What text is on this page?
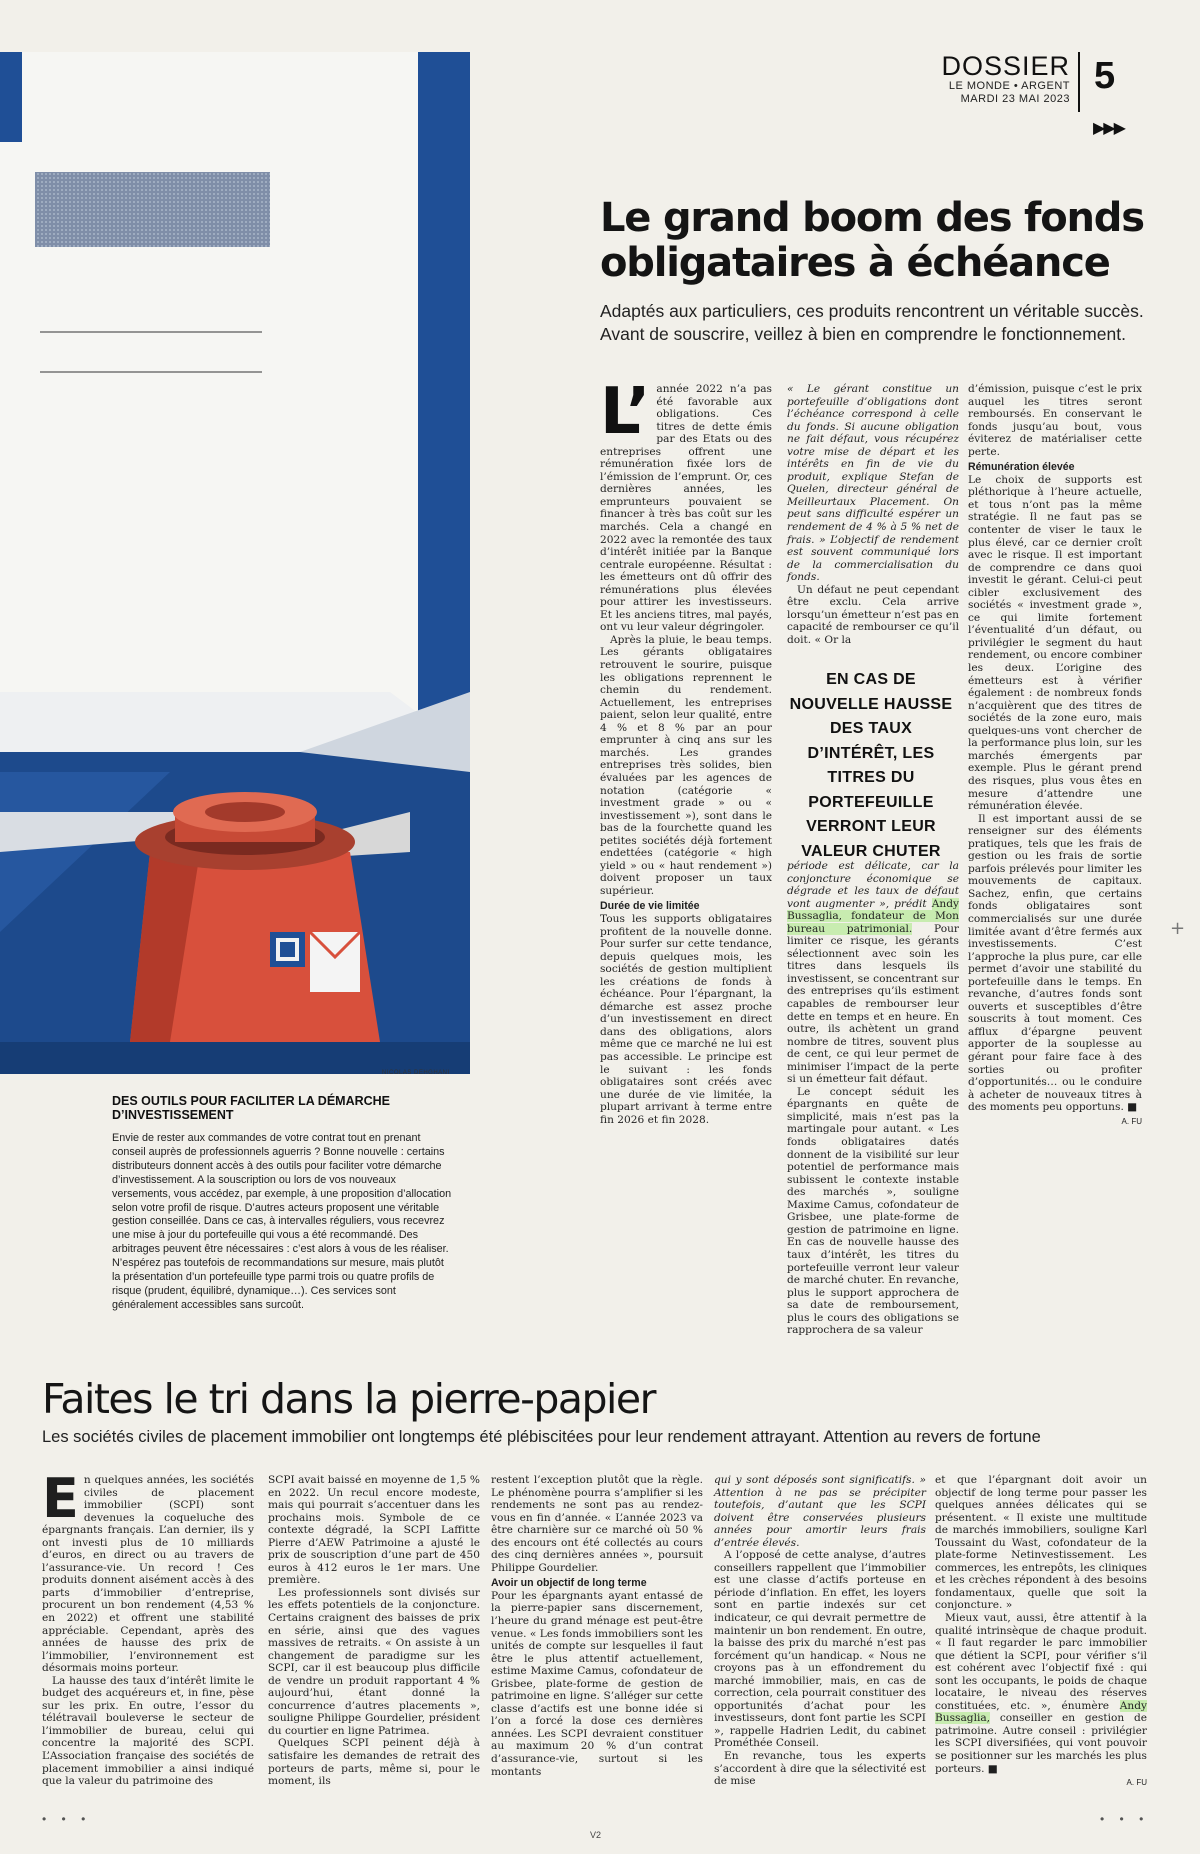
DOSSIER
LE MONDE • ARGENT
MARDI 23 MAI 2023
5
▶▶▶
NICOLAS DEHGHANI
Le grand boom des fonds obligataires à échéance
Adaptés aux particuliers, ces produits rencontrent un véritable succès. Avant de souscrire, veillez à bien en comprendre le fonctionnement.

L’ année 2022 n’a pas été favorable aux obligations. Ces titres de dette émis par des Etats ou des entreprises offrent une rémunération fixée lors de l’émission de l’emprunt. Or, ces dernières années, les emprunteurs pouvaient se financer à très bas coût sur les marchés. Cela a changé en 2022 avec la remontée des taux d’intérêt initiée par la Banque centrale européenne. Résultat : les émetteurs ont dû offrir des rémunérations plus élevées pour attirer les investisseurs. Et les anciens titres, mal payés, ont vu leur valeur dégringoler.

Après la pluie, le beau temps. Les gérants obligataires retrouvent le sourire, puisque les obligations reprennent le chemin du rendement. Actuellement, les entreprises paient, selon leur qualité, entre 4 % et 8 % par an pour emprunter à cinq ans sur les marchés. Les grandes entreprises très solides, bien évaluées par les agences de notation (catégorie « investment grade » ou « investissement »), sont dans le bas de la fourchette quand les petites sociétés déjà fortement endettées (catégorie « high yield » ou « haut rendement ») doivent proposer un taux supérieur.

Durée de vie limitée

Tous les supports obligataires profitent de la nouvelle donne. Pour surfer sur cette tendance, depuis quelques mois, les sociétés de gestion multiplient les créations de fonds à échéance. Pour l’épargnant, la démarche est assez proche d’un investissement en direct dans des obligations, alors même que ce marché ne lui est pas accessible. Le principe est le suivant : les fonds obligataires sont créés avec une durée de vie limitée, la plupart arrivant à terme entre fin 2026 et fin 2028.

« Le gérant constitue un portefeuille d’obligations dont l’échéance correspond à celle du fonds. Si aucune obligation ne fait défaut, vous récupérez votre mise de départ et les intérêts en fin de vie du produit, explique Stefan de Quelen, directeur général de Meilleurtaux Placement. On peut sans difficulté espérer un rendement de 4 % à 5 % net de frais. » L’objectif de rendement est souvent communiqué lors de la commercialisation du fonds.

Un défaut ne peut cependant être exclu. Cela arrive lorsqu’un émetteur n’est pas en capacité de rembourser ce qu’il doit. « Or la

EN CAS DE NOUVELLE HAUSSE DES TAUX D’INTÉRÊT, LES TITRES DU PORTEFEUILLE VERRONT LEUR VALEUR CHUTER

période est délicate, car la conjoncture économique se dégrade et les taux de défaut vont augmenter », prédit Andy Bussaglia, fondateur de Mon bureau patrimonial. Pour limiter ce risque, les gérants sélectionnent avec soin les titres dans lesquels ils investissent, se concentrant sur des entreprises qu’ils estiment capables de rembourser leur dette en temps et en heure. En outre, ils achètent un grand nombre de titres, souvent plus de cent, ce qui leur permet de minimiser l’impact de la perte si un émetteur fait défaut.

Le concept séduit les épargnants en quête de simplicité, mais n’est pas la martingale pour autant. « Les fonds obligataires datés donnent de la visibilité sur leur potentiel de performance mais subissent le contexte instable des marchés », souligne Maxime Camus, cofondateur de Grisbee, une plate-forme de gestion de patrimoine en ligne. En cas de nouvelle hausse des taux d’intérêt, les titres du portefeuille verront leur valeur de marché chuter. En revanche, plus le support approchera de sa date de remboursement, plus le cours des obligations se rapprochera de sa valeur

d’émission, puisque c’est le prix auquel les titres seront remboursés. En conservant le fonds jusqu’au bout, vous éviterez de matérialiser cette perte.

Rémunération élevée

Le choix de supports est pléthorique à l’heure actuelle, et tous n’ont pas la même stratégie. Il ne faut pas se contenter de viser le taux le plus élevé, car ce dernier croît avec le risque. Il est important de comprendre ce dans quoi investit le gérant. Celui-ci peut cibler exclusivement des sociétés « investment grade », ce qui limite fortement l’éventualité d’un défaut, ou privilégier le segment du haut rendement, ou encore combiner les deux. L’origine des émetteurs est à vérifier également : de nombreux fonds n’acquièrent que des titres de sociétés de la zone euro, mais quelques-uns vont chercher de la performance plus loin, sur les marchés émergents par exemple. Plus le gérant prend des risques, plus vous êtes en mesure d’attendre une rémunération élevée.

Il est important aussi de se renseigner sur des éléments pratiques, tels que les frais de gestion ou les frais de sortie parfois prélevés pour limiter les mouvements de capitaux. Sachez, enfin, que certains fonds obligataires sont commercialisés sur une durée limitée avant d’être fermés aux investissements. C’est l’approche la plus pure, car elle permet d’avoir une stabilité du portefeuille dans le temps. En revanche, d’autres fonds sont ouverts et susceptibles d’être souscrits à tout moment. Ces afflux d’épargne peuvent apporter de la souplesse au gérant pour faire face à des sorties ou profiter d’opportunités… ou le conduire à acheter de nouveaux titres à des moments peu opportuns. ■

A. FU
DES OUTILS POUR FACILITER LA DÉMARCHE D’INVESTISSEMENT
Envie de rester aux commandes de votre contrat tout en prenant conseil auprès de professionnels aguerris ? Bonne nouvelle : certains distributeurs donnent accès à des outils pour faciliter votre démarche d’investissement. A la souscription ou lors de vos nouveaux versements, vous accédez, par exemple, à une proposition d’allocation selon votre profil de risque. D’autres acteurs proposent une véritable gestion conseillée. Dans ce cas, à intervalles réguliers, vous recevrez une mise à jour du portefeuille qui vous a été recommandé. Des arbitrages peuvent être nécessaires : c’est alors à vous de les réaliser. N’espérez pas toutefois de recommandations sur mesure, mais plutôt la présentation d’un portefeuille type parmi trois ou quatre profils de risque (prudent, équilibré, dynamique…). Ces services sont généralement accessibles sans surcoût.
Faites le tri dans la pierre-papier
Les sociétés civiles de placement immobilier ont longtemps été plébiscitées pour leur rendement attrayant. Attention au revers de fortune

En quelques années, les sociétés civiles de placement immobilier (SCPI) sont devenues la coqueluche des épargnants français. L’an dernier, ils y ont investi plus de 10 milliards d’euros, en direct ou au travers de l’assurance-vie. Un record ! Ces produits donnent aisément accès à des parts d’immobilier d’entreprise, procurent un bon rendement (4,53 % en 2022) et offrent une stabilité appréciable. Cependant, après des années de hausse des prix de l’immobilier, l’environnement est désormais moins porteur.

La hausse des taux d’intérêt limite le budget des acquéreurs et, in fine, pèse sur les prix. En outre, l’essor du télétravail bouleverse le secteur de l’immobilier de bureau, celui qui concentre la majorité des SCPI. L’Association française des sociétés de placement immobilier a ainsi indiqué que la valeur du patrimoine des

SCPI avait baissé en moyenne de 1,5 % en 2022. Un recul encore modeste, mais qui pourrait s’accentuer dans les prochains mois. Symbole de ce contexte dégradé, la SCPI Laffitte Pierre d’AEW Patrimoine a ajusté le prix de souscription d’une part de 450 euros à 412 euros le 1er mars. Une première.

Les professionnels sont divisés sur les effets potentiels de la conjoncture. Certains craignent des baisses de prix en série, ainsi que des vagues massives de retraits. « On assiste à un changement de paradigme sur les SCPI, car il est beaucoup plus difficile de vendre un produit rapportant 4 % aujourd’hui, étant donné la concurrence d’autres placements », souligne Philippe Gourdelier, président du courtier en ligne Patrimea.

Quelques SCPI peinent déjà à satisfaire les demandes de retrait des porteurs de parts, même si, pour le moment, ils

restent l’exception plutôt que la règle. Le phénomène pourra s’amplifier si les rendements ne sont pas au rendez-vous en fin d’année. « L’année 2023 va être charnière sur ce marché où 50 % des encours ont été collectés au cours des cinq dernières années », poursuit Philippe Gourdelier.

Avoir un objectif de long terme

Pour les épargnants ayant entassé de la pierre-papier sans discernement, l’heure du grand ménage est peut-être venue. « Les fonds immobiliers sont les unités de compte sur lesquelles il faut être le plus attentif actuellement, estime Maxime Camus, cofondateur de Grisbee, plate-forme de gestion de patrimoine en ligne. S’alléger sur cette classe d’actifs est une bonne idée si l’on a forcé la dose ces dernières années. Les SCPI devraient constituer au maximum 20 % d’un contrat d’assurance-vie, surtout si les montants

qui y sont déposés sont significatifs. » Attention à ne pas se précipiter toutefois, d’autant que les SCPI doivent être conservées plusieurs années pour amortir leurs frais d’entrée élevés.

A l’opposé de cette analyse, d’autres conseillers rappellent que l’immobilier est une classe d’actifs porteuse en période d’inflation. En effet, les loyers sont en partie indexés sur cet indicateur, ce qui devrait permettre de maintenir un bon rendement. En outre, la baisse des prix du marché n’est pas forcément qu’un handicap. « Nous ne croyons pas à un effondrement du marché immobilier, mais, en cas de correction, cela pourrait constituer des opportunités d’achat pour les investisseurs, dont font partie les SCPI », rappelle Hadrien Ledit, du cabinet Prométhée Conseil.

En revanche, tous les experts s’accordent à dire que la sélectivité est de mise

et que l’épargnant doit avoir un objectif de long terme pour passer les quelques années délicates qui se présentent. « Il existe une multitude de marchés immobiliers, souligne Karl Toussaint du Wast, cofondateur de la plate-forme Netinvestissement. Les commerces, les entrepôts, les cliniques et les crèches répondent à des besoins fondamentaux, quelle que soit la conjoncture. »

Mieux vaut, aussi, être attentif à la qualité intrinsèque de chaque produit. « Il faut regarder le parc immobilier que détient la SCPI, pour vérifier s’il est cohérent avec l’objectif fixé : qui sont les occupants, le poids de chaque locataire, le niveau des réserves constituées, etc. », énumère Andy Bussaglia, conseiller en gestion de patrimoine. Autre conseil : privilégier les SCPI diversifiées, qui vont pouvoir se positionner sur les marchés les plus porteurs. ■

A. FU
• • •	• • •
V2
+
